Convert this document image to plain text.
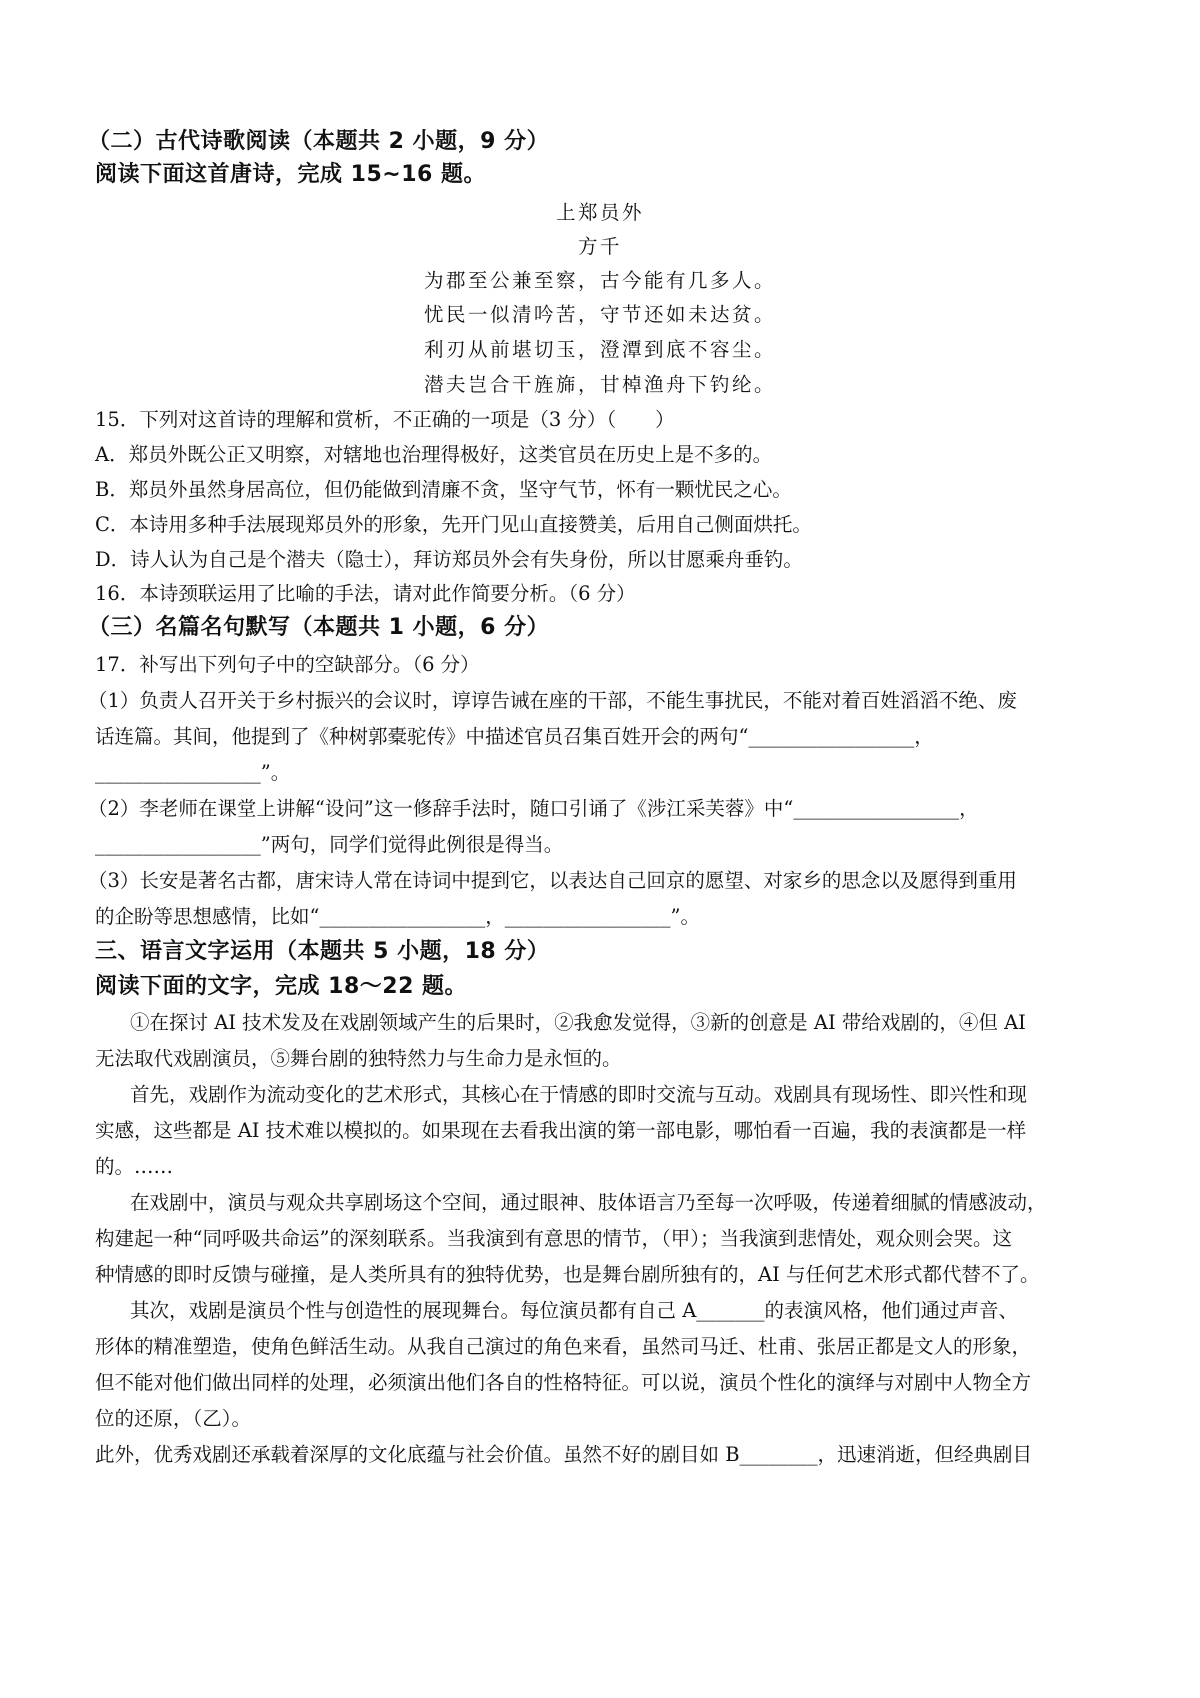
（二）古代诗歌阅读（本题共 2 小题，9 分）
阅读下面这首唐诗，完成 15~16 题。
上郑员外
方千
为郡至公兼至察，古今能有几多人。
忧民一似清吟苦，守节还如未达贫。
利刃从前堪切玉，澄潭到底不容尘。
潜夫岂合干旌旆，甘棹渔舟下钓纶。
15．下列对这首诗的理解和赏析，不正确的一项是（3 分）（　　）
A．郑员外既公正又明察，对辖地也治理得极好，这类官员在历史上是不多的。
B．郑员外虽然身居高位，但仍能做到清廉不贪，坚守气节，怀有一颗忧民之心。
C．本诗用多种手法展现郑员外的形象，先开门见山直接赞美，后用自己侧面烘托。
D．诗人认为自己是个潜夫（隐士），拜访郑员外会有失身份，所以甘愿乘舟垂钓。
16．本诗颈联运用了比喻的手法，请对此作简要分析。（6 分）
（三）名篇名句默写（本题共 1 小题，6 分）
17．补写出下列句子中的空缺部分。（6 分）
（1）负责人召开关于乡村振兴的会议时，谆谆告诫在座的干部，不能生事扰民，不能对着百姓滔滔不绝、废
话连篇。其间，他提到了《种树郭橐驼传》中描述官员召集百姓开会的两句“_________________，
_________________”。
（2）李老师在课堂上讲解“设问”这一修辞手法时，随口引诵了《涉江采芙蓉》中“_________________，
_________________”两句，同学们觉得此例很是得当。
（3）长安是著名古都，唐宋诗人常在诗词中提到它，以表达自己回京的愿望、对家乡的思念以及愿得到重用
的企盼等思想感情，比如“_________________，_________________”。
三、语言文字运用（本题共 5 小题，18 分）
阅读下面的文字，完成 18～22 题。
①在探讨 AI 技术发及在戏剧领域产生的后果时，②我愈发觉得，③新的创意是 AI 带给戏剧的，④但 AI
无法取代戏剧演员，⑤舞台剧的独特然力与生命力是永恒的。
首先，戏剧作为流动变化的艺术形式，其核心在于情感的即时交流与互动。戏剧具有现场性、即兴性和现
实感，这些都是 AI 技术难以模拟的。如果现在去看我出演的第一部电影，哪怕看一百遍，我的表演都是一样
的。……
在戏剧中，演员与观众共享剧场这个空间，通过眼神、肢体语言乃至每一次呼吸，传递着细腻的情感波动，
构建起一种“同呼吸共命运”的深刻联系。当我演到有意思的情节，（甲）；当我演到悲情处，观众则会哭。这
种情感的即时反馈与碰撞，是人类所具有的独特优势，也是舞台剧所独有的，AI 与任何艺术形式都代替不了。
其次，戏剧是演员个性与创造性的展现舞台。每位演员都有自己 A_______的表演风格，他们通过声音、
形体的精准塑造，使角色鲜活生动。从我自己演过的角色来看，虽然司马迁、杜甫、张居正都是文人的形象，
但不能对他们做出同样的处理，必须演出他们各自的性格特征。可以说，演员个性化的演绎与对剧中人物全方
位的还原，（乙）。
此外，优秀戏剧还承载着深厚的文化底蕴与社会价值。虽然不好的剧目如 B________，迅速消逝，但经典剧目
